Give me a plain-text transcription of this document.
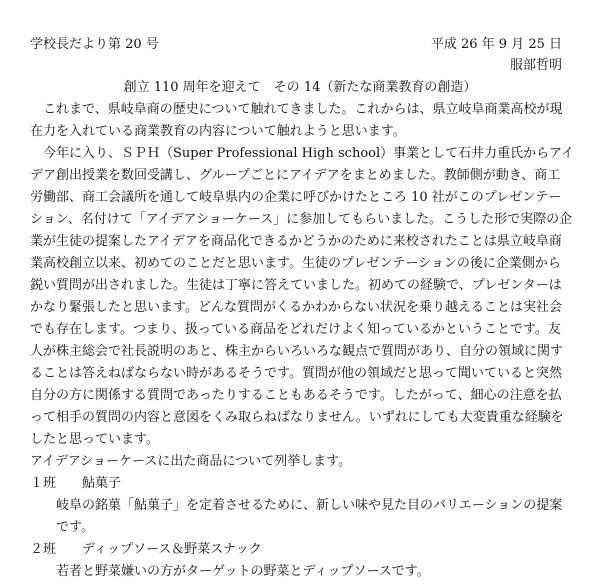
学校長だより第 20 号	平成 26 年 9 月 25 日
服部哲明
創立 110 周年を迎えて　その 14（新たな商業教育の創造）
　これまで、県岐阜商の歴史について触れてきました。これからは、県立岐阜商業高校が現
在力を入れている商業教育の内容について触れようと思います。
　今年に入り、ＳＰＨ（Super Professional High school）事業として石井力重氏からアイ
デア創出授業を数回受講し、グループごとにアイデアをまとめました。教師側が動き、商工
労働部、商工会議所を通して岐阜県内の企業に呼びかけたところ 10 社がこのプレゼンテー
ション、名付けて「アイデアショーケース」に参加してもらいました。こうした形で実際の企
業が生徒の提案したアイデアを商品化できるかどうかのために来校されたことは県立岐阜商
業高校創立以来、初めてのことだと思います。生徒のプレゼンテーションの後に企業側から
鋭い質問が出されました。生徒は丁寧に答えていました。初めての経験で、プレゼンターは
かなり緊張したと思います。どんな質問がくるかわからない状況を乗り越えることは実社会
でも存在します。つまり、扱っている商品をどれだけよく知っているかということです。友
人が株主総会で社長説明のあと、株主からいろいろな観点で質問があり、自分の領域に関す
ることは答えねばならない時があるそうです。質問が他の領域だと思って聞いていると突然
自分の方に関係する質問であったりすることもあるそうです。したがって、細心の注意を払
って相手の質問の内容と意図をくみ取らねばなりません。いずれにしても大変貴重な経験を
したと思っています。
アイデアショーケースに出た商品について列挙します。
１班　　鮎菓子
　　岐阜の銘菓「鮎菓子」を定着させるために、新しい味や見た目のバリエーションの提案
　　です。
２班　　ディップソース＆野菜スナック
　　若者と野菜嫌いの方がターゲットの野菜とディップソースです。
